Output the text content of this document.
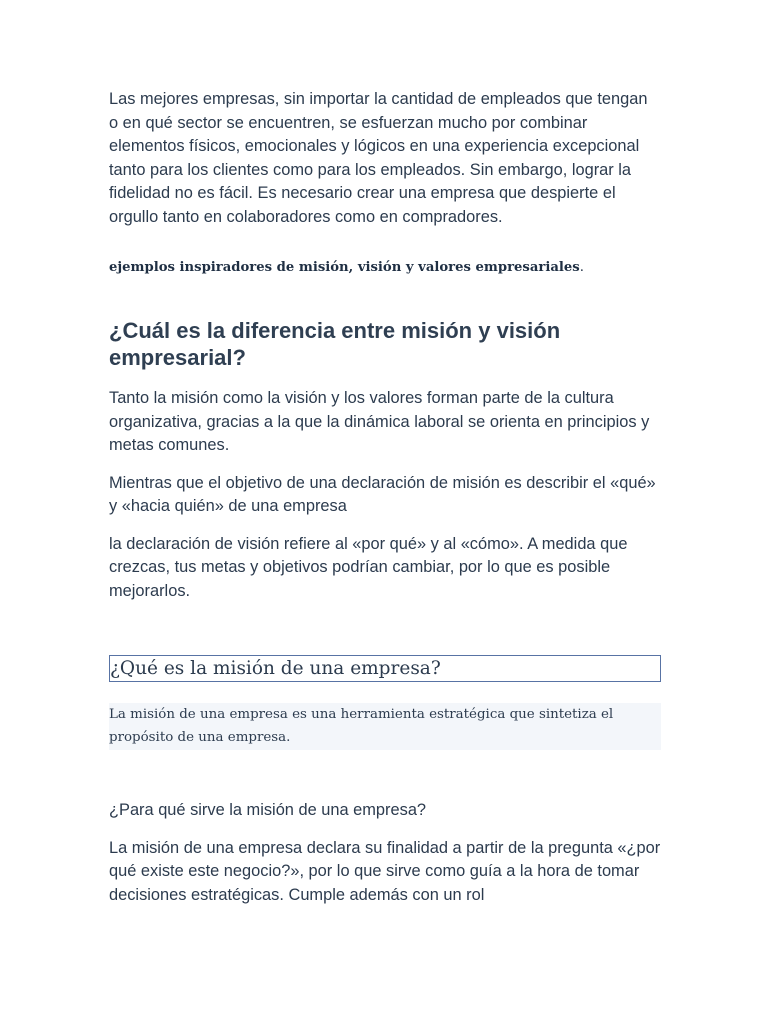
Las mejores empresas, sin importar la cantidad de empleados que tengan o en qué sector se encuentren, se esfuerzan mucho por combinar elementos físicos, emocionales y lógicos en una experiencia excepcional tanto para los clientes como para los empleados. Sin embargo, lograr la fidelidad no es fácil. Es necesario crear una empresa que despierte el orgullo tanto en colaboradores como en compradores.

ejemplos inspiradores de misión, visión y valores empresariales.

¿Cuál es la diferencia entre misión y visión empresarial?

Tanto la misión como la visión y los valores forman parte de la cultura organizativa, gracias a la que la dinámica laboral se orienta en principios y metas comunes.

Mientras que el objetivo de una declaración de misión es describir el «qué» y «hacia quién» de una empresa

la declaración de visión refiere al «por qué» y al «cómo». A medida que crezcas, tus metas y objetivos podrían cambiar, por lo que es posible mejorarlos.

¿Qué es la misión de una empresa?

La misión de una empresa es una herramienta estratégica que sintetiza el propósito de una empresa.

¿Para qué sirve la misión de una empresa?

La misión de una empresa declara su finalidad a partir de la pregunta «¿por qué existe este negocio?», por lo que sirve como guía a la hora de tomar decisiones estratégicas. Cumple además con un rol
